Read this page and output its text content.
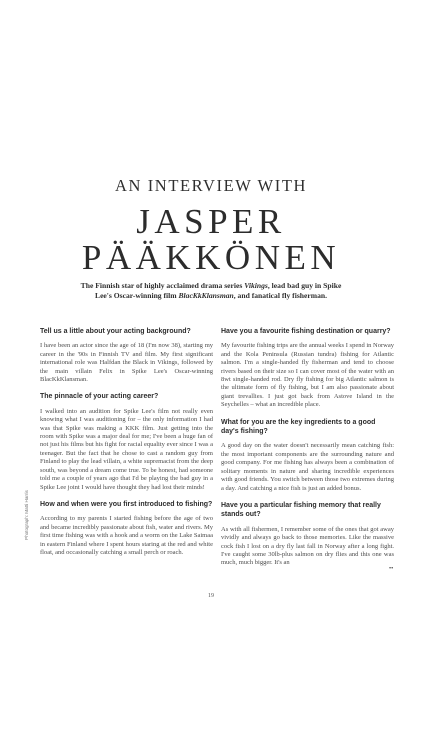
AN INTERVIEW WITH
JASPER
PÄÄKKÖNEN
The Finnish star of highly acclaimed drama series Vikings, lead bad guy in Spike Lee's Oscar-winning film BlacKkKlansman, and fanatical fly fisherman.
Tell us a little about your acting background?
I have been an actor since the age of 18 (I'm now 38), starting my career in the '90s in Finnish TV and film. My first significant international role was Halfdan the Black in Vikings, followed by the main villain Felix in Spike Lee's Oscar-winning BlacKkKlansman.
The pinnacle of your acting career?
I walked into an audition for Spike Lee's film not really even knowing what I was auditioning for – the only information I had was that Spike was making a KKK film. Just getting into the room with Spike was a major deal for me; I've been a huge fan of not just his films but his fight for racial equality ever since I was a teenager. But the fact that he chose to cast a random guy from Finland to play the lead villain, a white supremacist from the deep south, was beyond a dream come true. To be honest, had someone told me a couple of years ago that I'd be playing the bad guy in a Spike Lee joint I would have thought they had lost their minds!
How and when were you first introduced to fishing?
According to my parents I started fishing before the age of two and became incredibly passionate about fish, water and rivers. My first time fishing was with a hook and a worm on the Lake Saimaa in eastern Finland where I spent hours staring at the red and white float, and occasionally catching a small perch or roach.
Have you a favourite fishing destination or quarry?
My favourite fishing trips are the annual weeks I spend in Norway and the Kola Peninsula (Russian tundra) fishing for Atlantic salmon. I'm a single-handed fly fisherman and tend to choose rivers based on their size so I can cover most of the water with an 8wt single-handed rod. Dry fly fishing for big Atlantic salmon is the ultimate form of fly fishing, but I am also passionate about giant trevallies. I just got back from Astove Island in the Seychelles – what an incredible place.
What for you are the key ingredients to a good day's fishing?
A good day on the water doesn't necessarily mean catching fish: the most important components are the surrounding nature and good company. For me fishing has always been a combination of solitary moments in nature and sharing incredible experiences with good friends. You switch between those two extremes during a day. And catching a nice fish is just an added bonus.
Have you a particular fishing memory that really stands out?
As with all fishermen, I remember some of the ones that got away vividly and always go back to those memories. Like the massive cock fish I lost on a dry fly last fall in Norway after a long fight. I've caught some 30lb-plus salmon on dry flies and this one was much, much bigger. It's an
••
Photograph: Matti Harris
19
